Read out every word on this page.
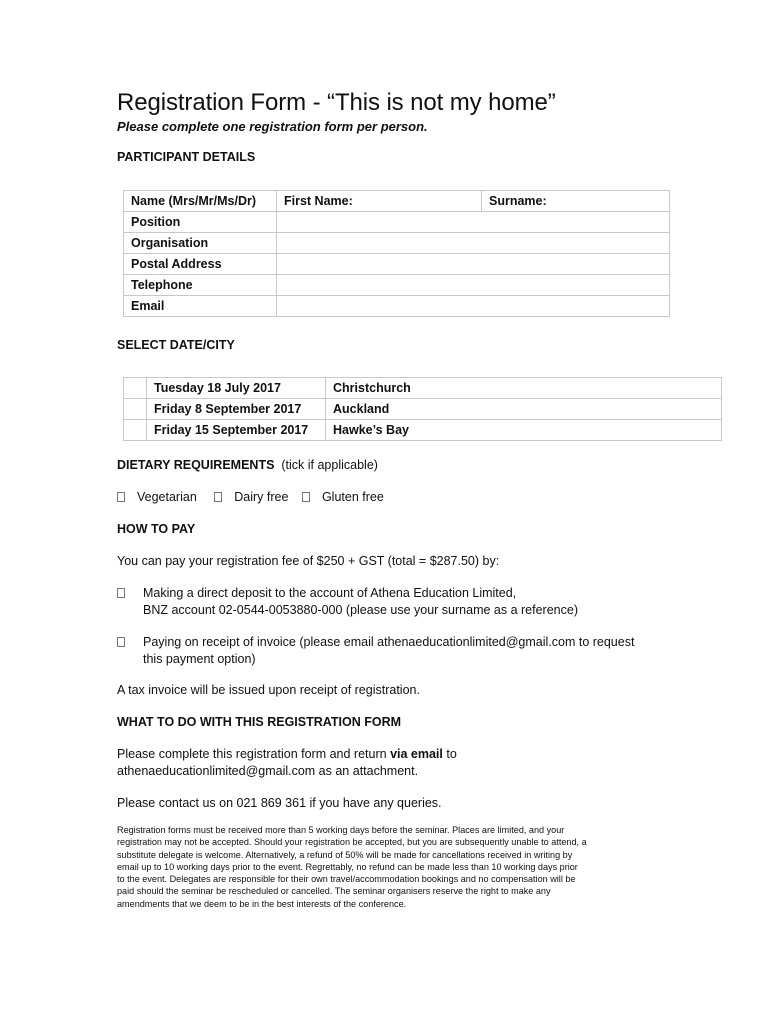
Registration Form - “This is not my home”
Please complete one registration form per person.
PARTICIPANT DETAILS
Name (Mrs/Mr/Ms/Dr)	First Name:	Surname:
Position		
Organisation		
Postal Address		
Telephone		
Email		
SELECT DATE/CITY
	Tuesday 18 July 2017	Christchurch
	Friday 8 September 2017	Auckland
	Friday 15 September 2017	Hawke’s Bay
DIETARY REQUIREMENTS (tick if applicable)
Vegetarian	Dairy free	Gluten free
HOW TO PAY
You can pay your registration fee of $250 + GST (total = $287.50) by:
Making a direct deposit to the account of Athena Education Limited,
BNZ account 02-0544-0053880-000 (please use your surname as a reference)
Paying on receipt of invoice (please email athenaeducationlimited@gmail.com to request
this payment option)
A tax invoice will be issued upon receipt of registration.
WHAT TO DO WITH THIS REGISTRATION FORM
Please complete this registration form and return via email to
athenaeducationlimited@gmail.com as an attachment.
Please contact us on 021 869 361 if you have any queries.
Registration forms must be received more than 5 working days before the seminar. Places are limited, and your
registration may not be accepted. Should your registration be accepted, but you are subsequently unable to attend, a
substitute delegate is welcome. Alternatively, a refund of 50% will be made for cancellations received in writing by
email up to 10 working days prior to the event. Regrettably, no refund can be made less than 10 working days prior
to the event. Delegates are responsible for their own travel/accommodation bookings and no compensation will be
paid should the seminar be rescheduled or cancelled. The seminar organisers reserve the right to make any
amendments that we deem to be in the best interests of the conference.
